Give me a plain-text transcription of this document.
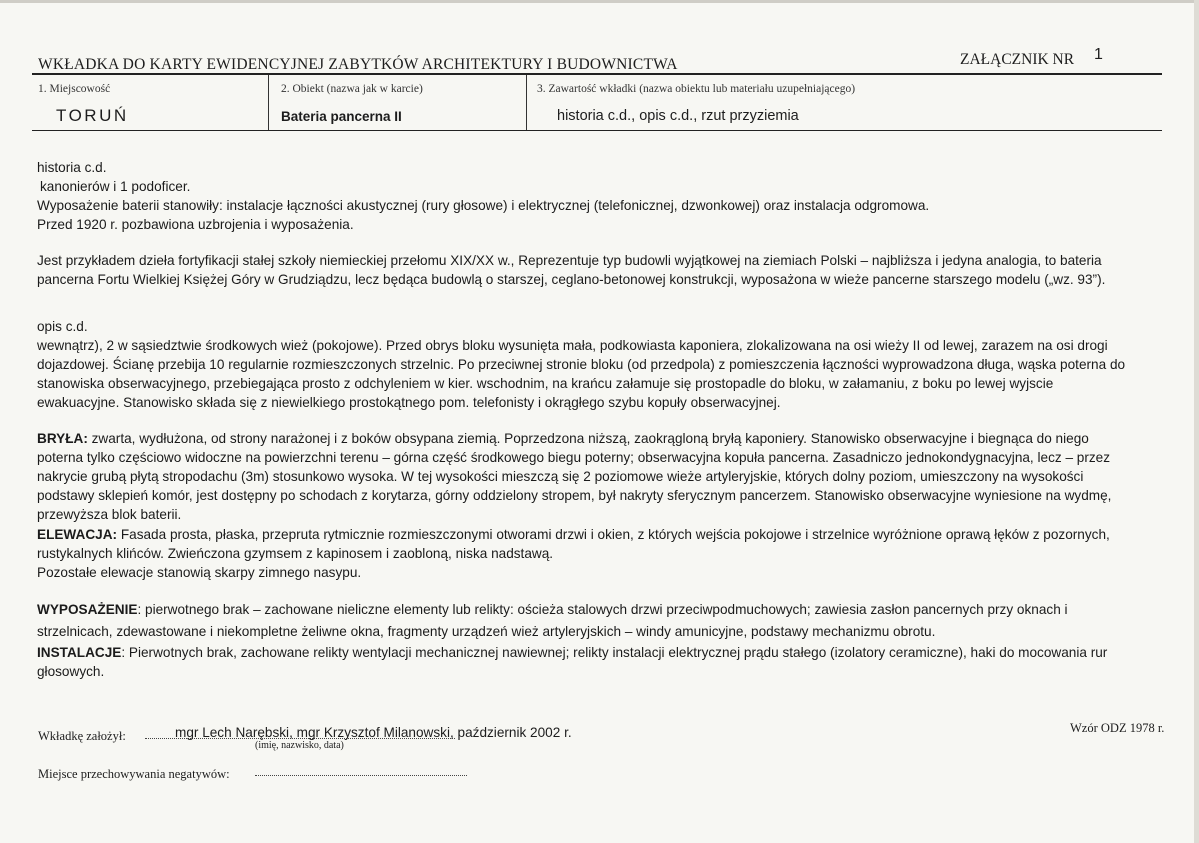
WKŁADKA DO KARTY EWIDENCYJNEJ ZABYTKÓW ARCHITEKTURY I BUDOWNICTWA	ZAŁĄCZNIK NR 1
1. Miejscowość	2. Obiekt (nazwa jak w karcie)	3. Zawartość wkładki (nazwa obiektu lub materiału uzupełniającego)
TORUŃ	Bateria pancerna II	historia c.d., opis c.d., rzut przyziemia

historia c.d.

kanonierów i 1 podoficer.

Wyposażenie baterii stanowiły: instalacje łączności akustycznej (rury głosowe) i elektrycznej (telefonicznej, dzwonkowej) oraz instalacja odgromowa.

Przed 1920 r. pozbawiona uzbrojenia i wyposażenia.

Jest przykładem dzieła fortyfikacji stałej szkoły niemieckiej przełomu XIX/XX w., Reprezentuje typ budowli wyjątkowej na ziemiach Polski – najbliższa i jedyna analogia, to bateria pancerna Fortu Wielkiej Księżej Góry w Grudziądzu, lecz będąca budowlą o starszej, ceglano-betonowej konstrukcji, wyposażona w wieże pancerne starszego modelu („wz. 93”).

opis c.d.

wewnątrz), 2 w sąsiedztwie środkowych wież (pokojowe). Przed obrys bloku wysunięta mała, podkowiasta kaponiera, zlokalizowana na osi wieży II od lewej, zarazem na osi drogi dojazdowej. Ścianę przebija 10 regularnie rozmieszczonych strzelnic. Po przeciwnej stronie bloku (od przedpola) z pomieszczenia łączności wyprowadzona długa, wąska poterna do stanowiska obserwacyjnego, przebiegająca prosto z odchyleniem w kier. wschodnim, na krańcu załamuje się prostopadle do bloku, w załamaniu, z boku po lewej wyjscie ewakuacyjne. Stanowisko składa się z niewielkiego prostokątnego pom. telefonisty i okrągłego szybu kopuły obserwacyjnej.

BRYŁA: zwarta, wydłużona, od strony narażonej i z boków obsypana ziemią. Poprzedzona niższą, zaokrągloną bryłą kaponiery. Stanowisko obserwacyjne i biegnąca do niego poterna tylko częściowo widoczne na powierzchni terenu – górna część środkowego biegu poterny; obserwacyjna kopuła pancerna. Zasadniczo jednokondygnacyjna, lecz – przez nakrycie grubą płytą stropodachu (3m) stosunkowo wysoka. W tej wysokości mieszczą się 2 poziomowe wieże artyleryjskie, których dolny poziom, umieszczony na wysokości podstawy sklepień komór, jest dostępny po schodach z korytarza, górny oddzielony stropem, był nakryty sferycznym pancerzem. Stanowisko obserwacyjne wyniesione na wydmę, przewyższa blok baterii.

ELEWACJA: Fasada prosta, płaska, przepruta rytmicznie rozmieszczonymi otworami drzwi i okien, z których wejścia pokojowe i strzelnice wyróżnione oprawą łęków z pozornych, rustykalnych klińców. Zwieńczona gzymsem z kapinosem i zaobloną, niska nadstawą.

Pozostałe elewacje stanowią skarpy zimnego nasypu.

WYPOSAŻENIE: pierwotnego brak – zachowane nieliczne elementy lub relikty: ościeża stalowych drzwi przeciwpodmuchowych; zawiesia zasłon pancernych przy oknach i strzelnicach, zdewastowane i niekompletne żeliwne okna, fragmenty urządzeń wież artyleryjskich – windy amunicyjne, podstawy mechanizmu obrotu.

INSTALACJE: Pierwotnych brak, zachowane relikty wentylacji mechanicznej nawiewnej; relikty instalacji elektrycznej prądu stałego (izolatory ceramiczne), haki do mocowania rur głosowych.

Wkładkę założył:	mgr Lech Narębski, mgr Krzysztof Milanowski, październik 2002 r.
(imię, nazwisko, data)
Wzór ODZ 1978 r.
Miejsce przechowywania negatywów:
